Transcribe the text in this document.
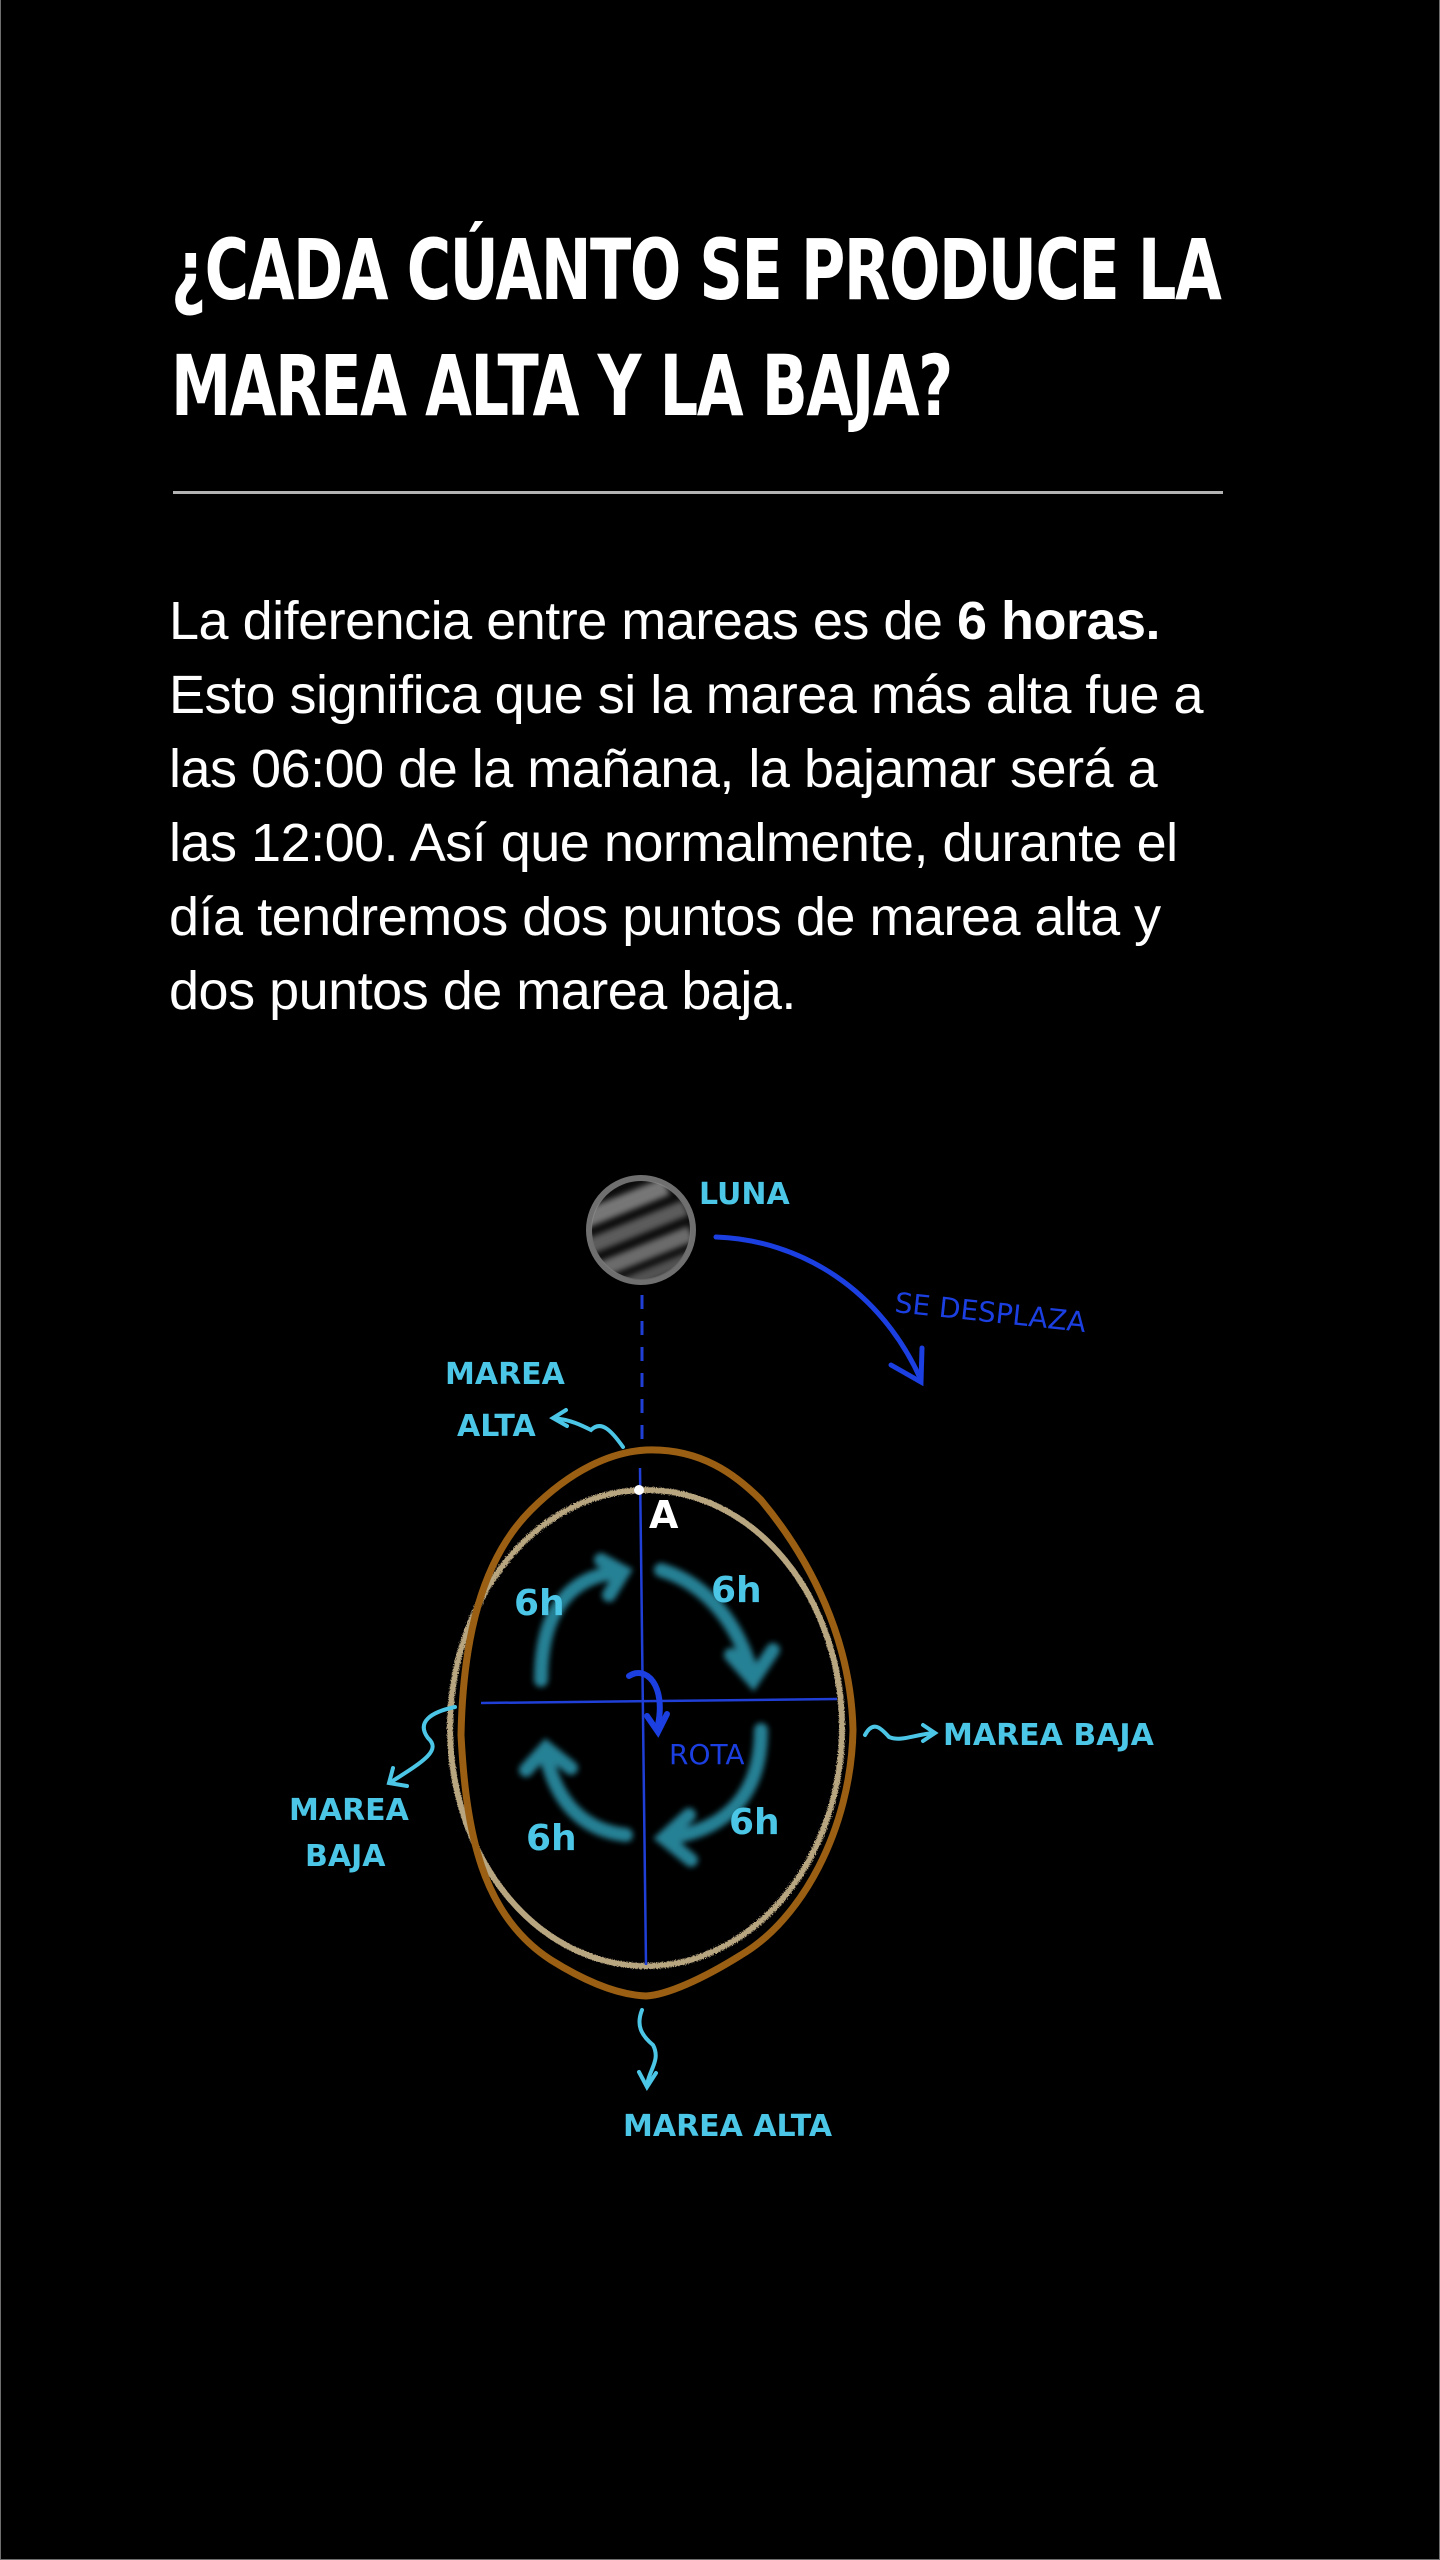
¿CADA CÚANTO SE PRODUCE LA
MAREA ALTA Y LA BAJA?

La diferencia entre mareas es de 6 horas.
Esto significa que si la marea más alta fue a
las 06:00 de la mañana, la bajamar será a
las 12:00. Así que normalmente, durante el
día tendremos dos puntos de marea alta y
dos puntos de marea baja.

LUNA
SE DESPLAZA
A
ROTA
6h	6h
6h	6h
MAREA
ALTA
MAREA
BAJA
MAREA BAJA
MAREA ALTA
